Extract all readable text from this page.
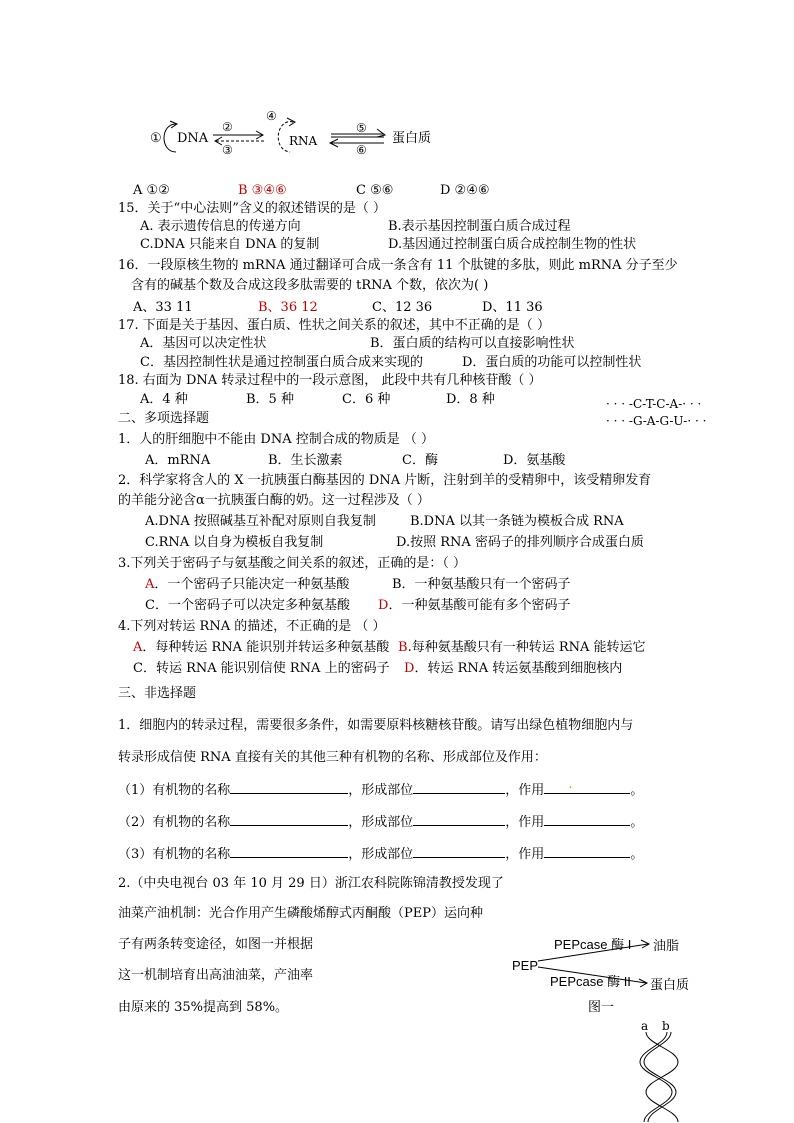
① DNA
②
③
④
RNA
⑤
⑥
蛋白质
A ①②	B ③④⑥	C ⑤⑥	D ②④⑥
15．关于“中心法则”含义的叙述错误的是（ ）
A. 表示遗传信息的传递方向	B.表示基因控制蛋白质合成过程
C.DNA 只能来自 DNA 的复制	D.基因通过控制蛋白质合成控制生物的性状
16．一段原核生物的 mRNA 通过翻译可合成一条含有 11 个肽键的多肽，则此 mRNA 分子至少
含有的碱基个数及合成这段多肽需要的 tRNA 个数，依次为( )
A、33 11	B、36 12	C、12 36	D、11 36
17. 下面是关于基因、蛋白质、性状之间关系的叙述，其中不正确的是（ ）
A．基因可以决定性状	B．蛋白质的结构可以直接影响性状
C．基因控制性状是通过控制蛋白质合成来实现的	D．蛋白质的功能可以控制性状
18. 右面为 DNA 转录过程中的一段示意图， 此段中共有几种核苷酸（ ）
A．4 种	B．5 种	C．6 种	D．8 种	· · · -C-T-C-A-· · ·
· · · -G-A-G-U-· · ·
二、多项选择题
1．人的肝细胞中不能由 DNA 控制合成的物质是 （ ）
A．mRNA	B．生长激素	C．酶	D．氨基酸
2．科学家将含人的 X 一抗胰蛋白酶基因的 DNA 片断，注射到羊的受精卵中，该受精卵发育
的羊能分泌含α一抗胰蛋白酶的奶。这一过程涉及（ ）
A.DNA 按照碱基互补配对原则自我复制	B.DNA 以其一条链为模板合成 RNA
C.RNA 以自身为模板自我复制	D.按照 RNA 密码子的排列顺序合成蛋白质
3.下列关于密码子与氨基酸之间关系的叙述，正确的是：（ ）
A．一个密码子只能决定一种氨基酸	B．一种氨基酸只有一个密码子
C．一个密码子可以决定多种氨基酸 D．一种氨基酸可能有多个密码子
4.下列对转运 RNA 的描述，不正确的是 （ ）
A．每种转运 RNA 能识别并转运多种氨基酸 B.每种氨基酸只有一种转运 RNA 能转运它
C．转运 RNA 能识别信使 RNA 上的密码子 D．转运 RNA 转运氨基酸到细胞核内
三、非选择题
1．细胞内的转录过程，需要很多条件，如需要原料核糖核苷酸。请写出绿色植物细胞内与
转录形成信使 RNA 直接有关的其他三种有机物的名称、形成部位及作用：
（1）有机物的名称	，形成部位	，作用 .	。
（2）有机物的名称	，形成部位	，作用	。
（3）有机物的名称	，形成部位	，作用	。
2.（中央电视台 03 年 10 月 29 日）浙江农科院陈锦清教授发现了
油菜产油机制：光合作用产生磷酸烯醇式丙酮酸（PEP）运向种
子有两条转变途径，如图一并根据
这一机制培育出高油油菜，产油率
由原来的 35%提高到 58%。
PEP
PEPcase 酶 I
PEPcase 酶 II
油脂
蛋白质
图一
a b
